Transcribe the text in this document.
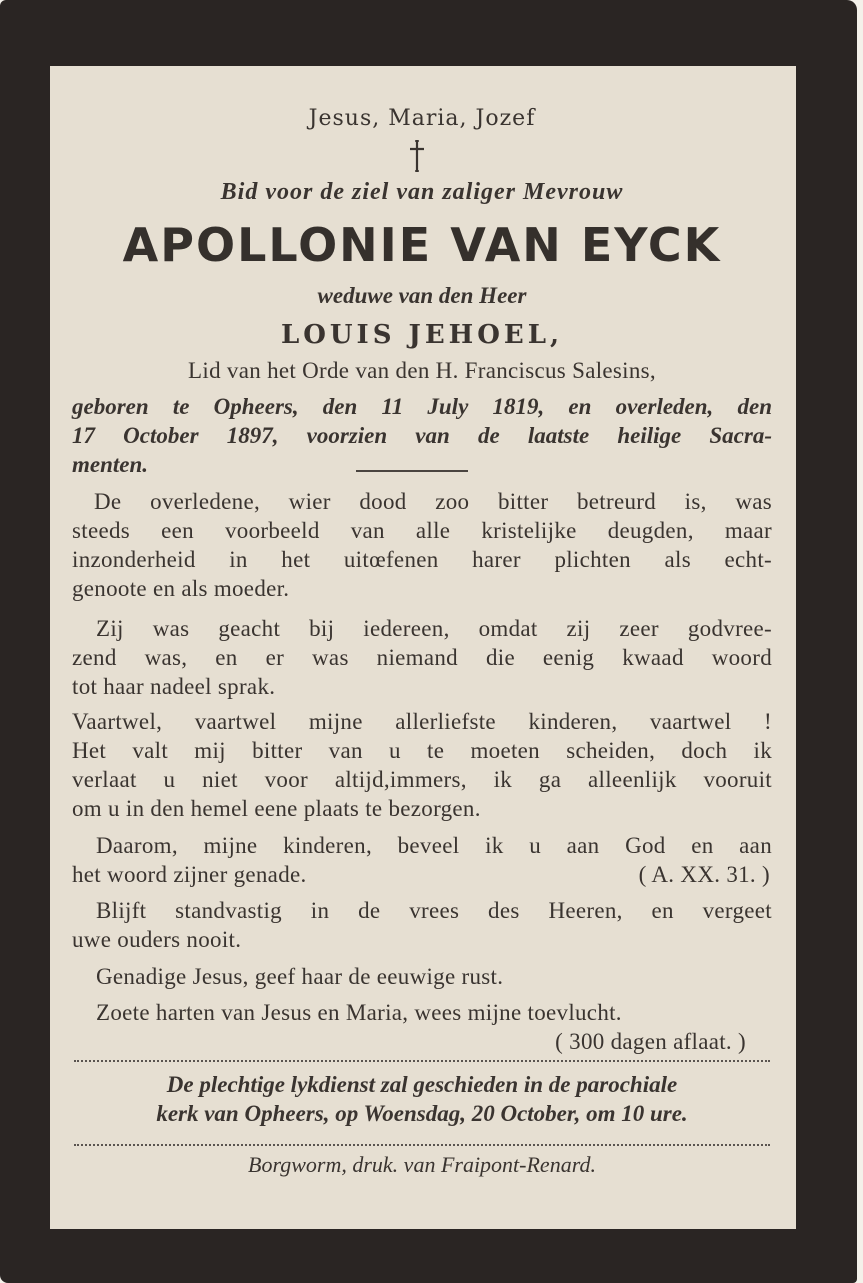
Jesus, Maria, Jozef
Bid voor de ziel van zaliger Mevrouw
APOLLONIE VAN EYCK
weduwe van den Heer
LOUIS JEHOEL,
Lid van het Orde van den H. Franciscus Salesins,
geboren te Opheers, den 11 July 1819, en overleden, den
17 October 1897, voorzien van de laatste heilige Sacra-
menten.
De overledene, wier dood zoo bitter betreurd is, was
steeds een voorbeeld van alle kristelijke deugden, maar
inzonderheid in het uitœfenen harer plichten als echt-
genoote en als moeder.
Zij was geacht bij iedereen, omdat zij zeer godvree-
zend was, en er was niemand die eenig kwaad woord
tot haar nadeel sprak.
Vaartwel, vaartwel mijne allerliefste kinderen, vaartwel !
Het valt mij bitter van u te moeten scheiden, doch ik
verlaat u niet voor altijd,immers, ik ga alleenlijk vooruit
om u in den hemel eene plaats te bezorgen.
Daarom, mijne kinderen, beveel ik u aan God en aan
het woord zijner genade.	( A. XX. 31. )
Blijft standvastig in de vrees des Heeren, en vergeet
uwe ouders nooit.
Genadige Jesus, geef haar de eeuwige rust.
Zoete harten van Jesus en Maria, wees mijne toevlucht.
( 300 dagen aflaat. )
De plechtige lykdienst zal geschieden in de parochiale
kerk van Opheers, op Woensdag, 20 October, om 10 ure.
Borgworm, druk. van Fraipont-Renard.
